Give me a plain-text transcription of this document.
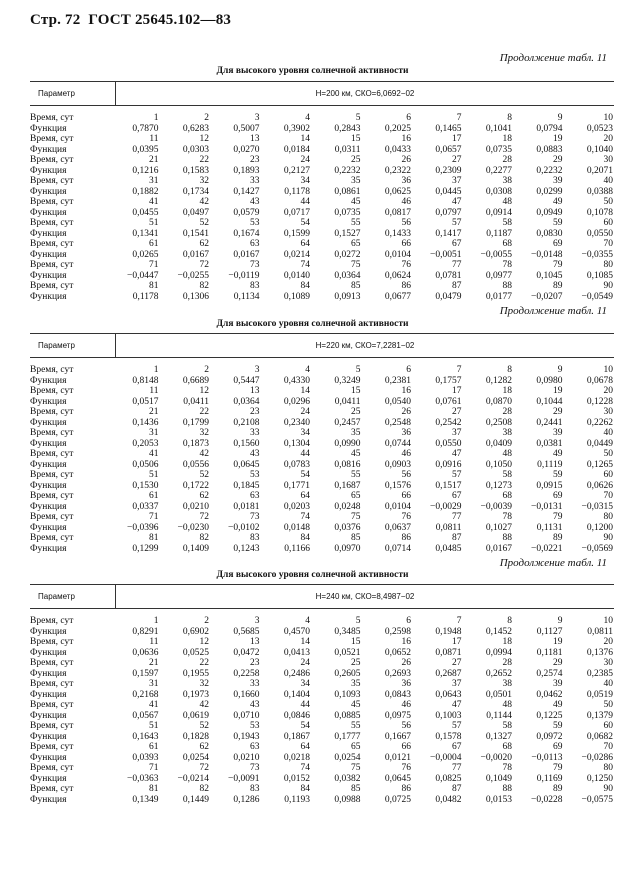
Стр. 72 ГОСТ 25645.102—83
Продолжение табл. 11
Для высокого уровня солнечной активности
Параметр	H=200 км, СКО=6,0692−02
Время, сут	1	2	3	4	5	6	7	8	9	10
Функция	0,7870	0,6283	0,5007	0,3902	0,2843	0,2025	0,1465	0,1041	0,0794	0,0523
Время, сут	11	12	13	14	15	16	17	18	19	20
Функция	0,0395	0,0303	0,0270	0,0184	0,0311	0,0433	0,0657	0,0735	0,0883	0,1040
Время, сут	21	22	23	24	25	26	27	28	29	30
Функция	0,1216	0,1583	0,1893	0,2127	0,2232	0,2322	0,2309	0,2277	0,2232	0,2071
Время, сут	31	32	33	34	35	36	37	38	39	40
Функция	0,1882	0,1734	0,1427	0,1178	0,0861	0,0625	0,0445	0,0308	0,0299	0,0388
Время, сут	41	42	43	44	45	46	47	48	49	50
Функция	0,0455	0,0497	0,0579	0,0717	0,0735	0,0817	0,0797	0,0914	0,0949	0,1078
Время, сут	51	52	53	54	55	56	57	58	59	60
Функция	0,1341	0,1541	0,1674	0,1599	0,1527	0,1433	0,1417	0,1187	0,0830	0,0550
Время, сут	61	62	63	64	65	66	67	68	69	70
Функция	0,0265	0,0167	0,0167	0,0214	0,0272	0,0104	−0,0051	−0,0055	−0,0148	−0,0355
Время, сут	71	72	73	74	75	76	77	78	79	80
Функция	−0,0447	−0,0255	−0,0119	0,0140	0,0364	0,0624	0,0781	0,0977	0,1045	0,1085
Время, сут	81	82	83	84	85	86	87	88	89	90
Функция	0,1178	0,1306	0,1134	0,1089	0,0913	0,0677	0,0479	0,0177	−0,0207	−0,0549
Продолжение табл. 11
Для высокого уровня солнечной активности
Параметр	H=220 км, СКО=7,2281−02
Время, сут	1	2	3	4	5	6	7	8	9	10
Функция	0,8148	0,6689	0,5447	0,4330	0,3249	0,2381	0,1757	0,1282	0,0980	0,0678
Время, сут	11	12	13	14	15	16	17	18	19	20
Функция	0,0517	0,0411	0,0364	0,0296	0,0411	0,0540	0,0761	0,0870	0,1044	0,1228
Время, сут	21	22	23	24	25	26	27	28	29	30
Функция	0,1436	0,1799	0,2108	0,2340	0,2457	0,2548	0,2542	0,2508	0,2441	0,2262
Время, сут	31	32	33	34	35	36	37	38	39	40
Функция	0,2053	0,1873	0,1560	0,1304	0,0990	0,0744	0,0550	0,0409	0,0381	0,0449
Время, сут	41	42	43	44	45	46	47	48	49	50
Функция	0,0506	0,0556	0,0645	0,0783	0,0816	0,0903	0,0916	0,1050	0,1119	0,1265
Время, сут	51	52	53	54	55	56	57	58	59	60
Функция	0,1530	0,1722	0,1845	0,1771	0,1687	0,1576	0,1517	0,1273	0,0915	0,0626
Время, сут	61	62	63	64	65	66	67	68	69	70
Функция	0,0337	0,0210	0,0181	0,0203	0,0248	0,0104	−0,0029	−0,0039	−0,0131	−0,0315
Время, сут	71	72	73	74	75	76	77	78	79	80
Функция	−0,0396	−0,0230	−0,0102	0,0148	0,0376	0,0637	0,0811	0,1027	0,1131	0,1200
Время, сут	81	82	83	84	85	86	87	88	89	90
Функция	0,1299	0,1409	0,1243	0,1166	0,0970	0,0714	0,0485	0,0167	−0,0221	−0,0569
Продолжение табл. 11
Для высокого уровня солнечной активности
Параметр	H=240 км, СКО=8,4987−02
Время, сут	1	2	3	4	5	6	7	8	9	10
Функция	0,8291	0,6902	0,5685	0,4570	0,3485	0,2598	0,1948	0,1452	0,1127	0,0811
Время, сут	11	12	13	14	15	16	17	18	19	20
Функция	0,0636	0,0525	0,0472	0,0413	0,0521	0,0652	0,0871	0,0994	0,1181	0,1376
Время, сут	21	22	23	24	25	26	27	28	29	30
Функция	0,1597	0,1955	0,2258	0,2486	0,2605	0,2693	0,2687	0,2652	0,2574	0,2385
Время, сут	31	32	33	34	35	36	37	38	39	40
Функция	0,2168	0,1973	0,1660	0,1404	0,1093	0,0843	0,0643	0,0501	0,0462	0,0519
Время, сут	41	42	43	44	45	46	47	48	49	50
Функция	0,0567	0,0619	0,0710	0,0846	0,0885	0,0975	0,1003	0,1144	0,1225	0,1379
Время, сут	51	52	53	54	55	56	57	58	59	60
Функция	0,1643	0,1828	0,1943	0,1867	0,1777	0,1667	0,1578	0,1327	0,0972	0,0682
Время, сут	61	62	63	64	65	66	67	68	69	70
Функция	0,0393	0,0254	0,0210	0,0218	0,0254	0,0121	−0,0004	−0,0020	−0,0113	−0,0286
Время, сут	71	72	73	74	75	76	77	78	79	80
Функция	−0,0363	−0,0214	−0,0091	0,0152	0,0382	0,0645	0,0825	0,1049	0,1169	0,1250
Время, сут	81	82	83	84	85	86	87	88	89	90
Функция	0,1349	0,1449	0,1286	0,1193	0,0988	0,0725	0,0482	0,0153	−0,0228	−0,0575
